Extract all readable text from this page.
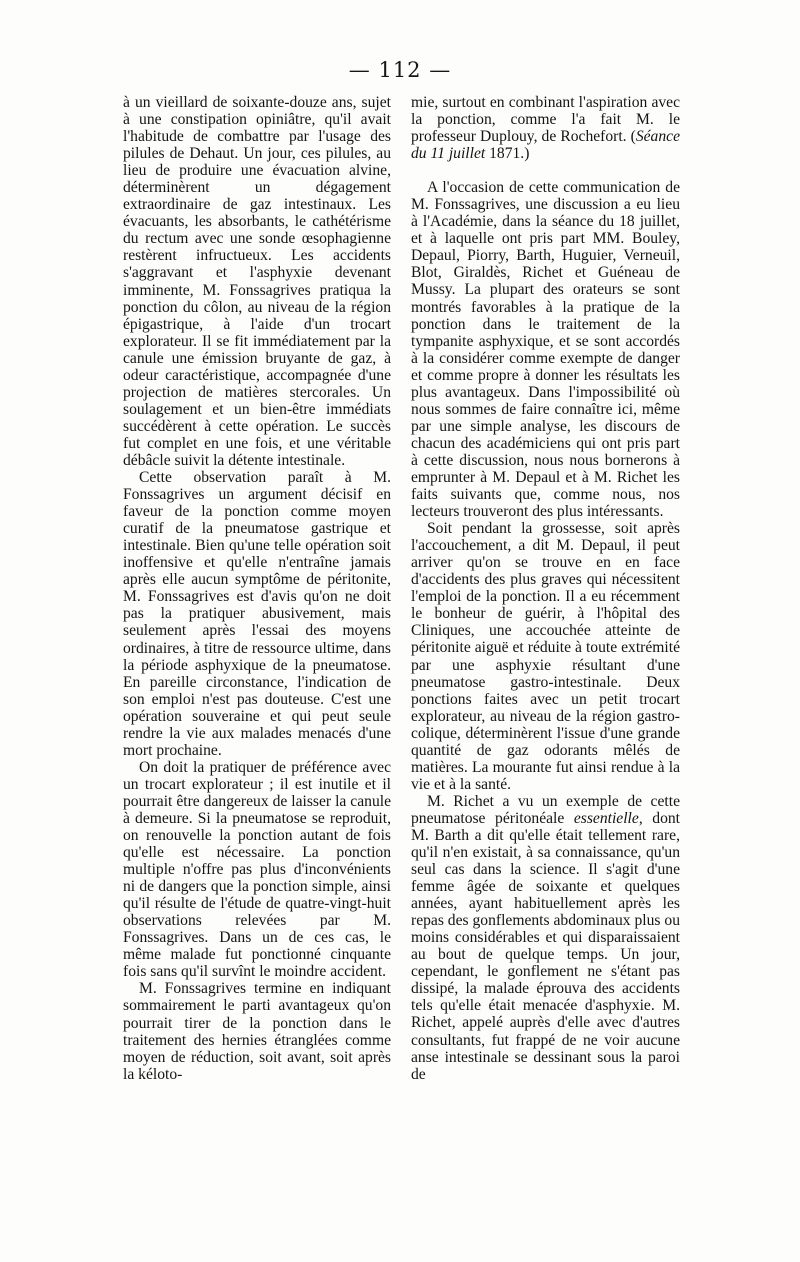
— 112 —

à un vieillard de soixante-douze ans, sujet à une constipation opiniâtre, qu'il avait l'habitude de combattre par l'usage des pilules de Dehaut. Un jour, ces pilules, au lieu de produire une évacuation alvine, déterminèrent un dégagement extraordinaire de gaz intestinaux. Les évacuants, les absorbants, le cathétérisme du rectum avec une sonde œsophagienne restèrent infructueux. Les accidents s'aggravant et l'asphyxie devenant imminente, M. Fonssagrives pratiqua la ponction du côlon, au niveau de la région épigastrique, à l'aide d'un trocart explorateur. Il se fit immédiatement par la canule une émission bruyante de gaz, à odeur caractéristique, accompagnée d'une projection de matières stercorales. Un soulagement et un bien-être immédiats succédèrent à cette opération. Le succès fut complet en une fois, et une véritable débâcle suivit la détente intestinale.

Cette observation paraît à M. Fonssagrives un argument décisif en faveur de la ponction comme moyen curatif de la pneumatose gastrique et intestinale. Bien qu'une telle opération soit inoffensive et qu'elle n'entraîne jamais après elle aucun symptôme de péritonite, M. Fonssagrives est d'avis qu'on ne doit pas la pratiquer abusivement, mais seulement après l'essai des moyens ordinaires, à titre de ressource ultime, dans la période asphyxique de la pneumatose. En pareille circonstance, l'indication de son emploi n'est pas douteuse. C'est une opération souveraine et qui peut seule rendre la vie aux malades menacés d'une mort prochaine.

On doit la pratiquer de préférence avec un trocart explorateur ; il est inutile et il pourrait être dangereux de laisser la canule à demeure. Si la pneumatose se reproduit, on renouvelle la ponction autant de fois qu'elle est nécessaire. La ponction multiple n'offre pas plus d'inconvénients ni de dangers que la ponction simple, ainsi qu'il résulte de l'étude de quatre-vingt-huit observations relevées par M. Fonssagrives. Dans un de ces cas, le même malade fut ponctionné cinquante fois sans qu'il survînt le moindre accident.

M. Fonssagrives termine en indiquant sommairement le parti avantageux qu'on pourrait tirer de la ponction dans le traitement des hernies étranglées comme moyen de réduction, soit avant, soit après la kéloto-

mie, surtout en combinant l'aspiration avec la ponction, comme l'a fait M. le professeur Duplouy, de Rochefort. (Séance du 11 juillet 1871.)

A l'occasion de cette communication de M. Fonssagrives, une discussion a eu lieu à l'Académie, dans la séance du 18 juillet, et à laquelle ont pris part MM. Bouley, Depaul, Piorry, Barth, Huguier, Verneuil, Blot, Giraldès, Richet et Guéneau de Mussy. La plupart des orateurs se sont montrés favorables à la pratique de la ponction dans le traitement de la tympanite asphyxique, et se sont accordés à la considérer comme exempte de danger et comme propre à donner les résultats les plus avantageux. Dans l'impossibilité où nous sommes de faire connaître ici, même par une simple analyse, les discours de chacun des académiciens qui ont pris part à cette discussion, nous nous bornerons à emprunter à M. Depaul et à M. Richet les faits suivants que, comme nous, nos lecteurs trouveront des plus intéressants.

Soit pendant la grossesse, soit après l'accouchement, a dit M. Depaul, il peut arriver qu'on se trouve en en face d'accidents des plus graves qui nécessitent l'emploi de la ponction. Il a eu récemment le bonheur de guérir, à l'hôpital des Cliniques, une accouchée atteinte de péritonite aiguë et réduite à toute extrémité par une asphyxie résultant d'une pneumatose gastro-intestinale. Deux ponctions faites avec un petit trocart explorateur, au niveau de la région gastro-colique, déterminèrent l'issue d'une grande quantité de gaz odorants mêlés de matières. La mourante fut ainsi rendue à la vie et à la santé.

M. Richet a vu un exemple de cette pneumatose péritonéale essentielle, dont M. Barth a dit qu'elle était tellement rare, qu'il n'en existait, à sa connaissance, qu'un seul cas dans la science. Il s'agit d'une femme âgée de soixante et quelques années, ayant habituellement après les repas des gonflements abdominaux plus ou moins considérables et qui disparaissaient au bout de quelque temps. Un jour, cependant, le gonflement ne s'étant pas dissipé, la malade éprouva des accidents tels qu'elle était menacée d'asphyxie. M. Richet, appelé auprès d'elle avec d'autres consultants, fut frappé de ne voir aucune anse intestinale se dessinant sous la paroi de
